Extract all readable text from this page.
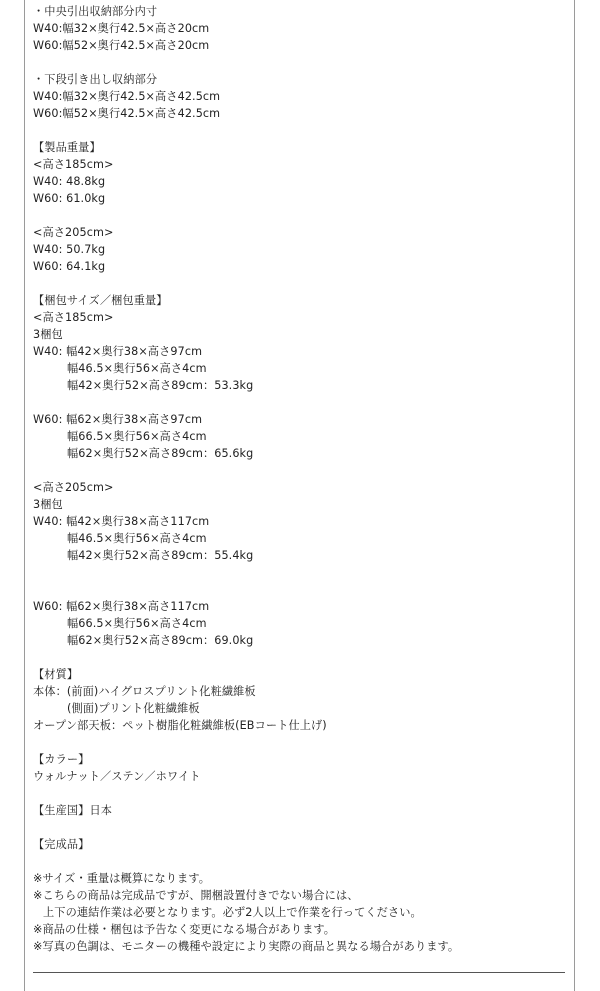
・中央引出収納部分内寸
W40:幅32×奥行42.5×高さ20cm
W60:幅52×奥行42.5×高さ20cm
・下段引き出し収納部分
W40:幅32×奥行42.5×高さ42.5cm
W60:幅52×奥行42.5×高さ42.5cm
【製品重量】
<高さ185cm>
W40: 48.8kg
W60: 61.0kg
<高さ205cm>
W40: 50.7kg
W60: 64.1kg
【梱包サイズ／梱包重量】
<高さ185cm>
3梱包
W40: 幅42×奥行38×高さ97cm
幅46.5×奥行56×高さ4cm
幅42×奥行52×高さ89cm：53.3kg
W60: 幅62×奥行38×高さ97cm
幅66.5×奥行56×高さ4cm
幅62×奥行52×高さ89cm：65.6kg
<高さ205cm>
3梱包
W40: 幅42×奥行38×高さ117cm
幅46.5×奥行56×高さ4cm
幅42×奥行52×高さ89cm：55.4kg
W60: 幅62×奥行38×高さ117cm
幅66.5×奥行56×高さ4cm
幅62×奥行52×高さ89cm：69.0kg
【材質】
本体：(前面)ハイグロスプリント化粧繊維板
(側面)プリント化粧繊維板
オープン部天板：ペット樹脂化粧繊維板(EBコート仕上げ)
【カラー】
ウォルナット／ステン／ホワイト
【生産国】日本
【完成品】
※サイズ・重量は概算になります。
※こちらの商品は完成品ですが、開梱設置付きでない場合には、
上下の連結作業は必要となります。必ず2人以上で作業を行ってください。
※商品の仕様・梱包は予告なく変更になる場合があります。
※写真の色調は、モニターの機種や設定により実際の商品と異なる場合があります。
